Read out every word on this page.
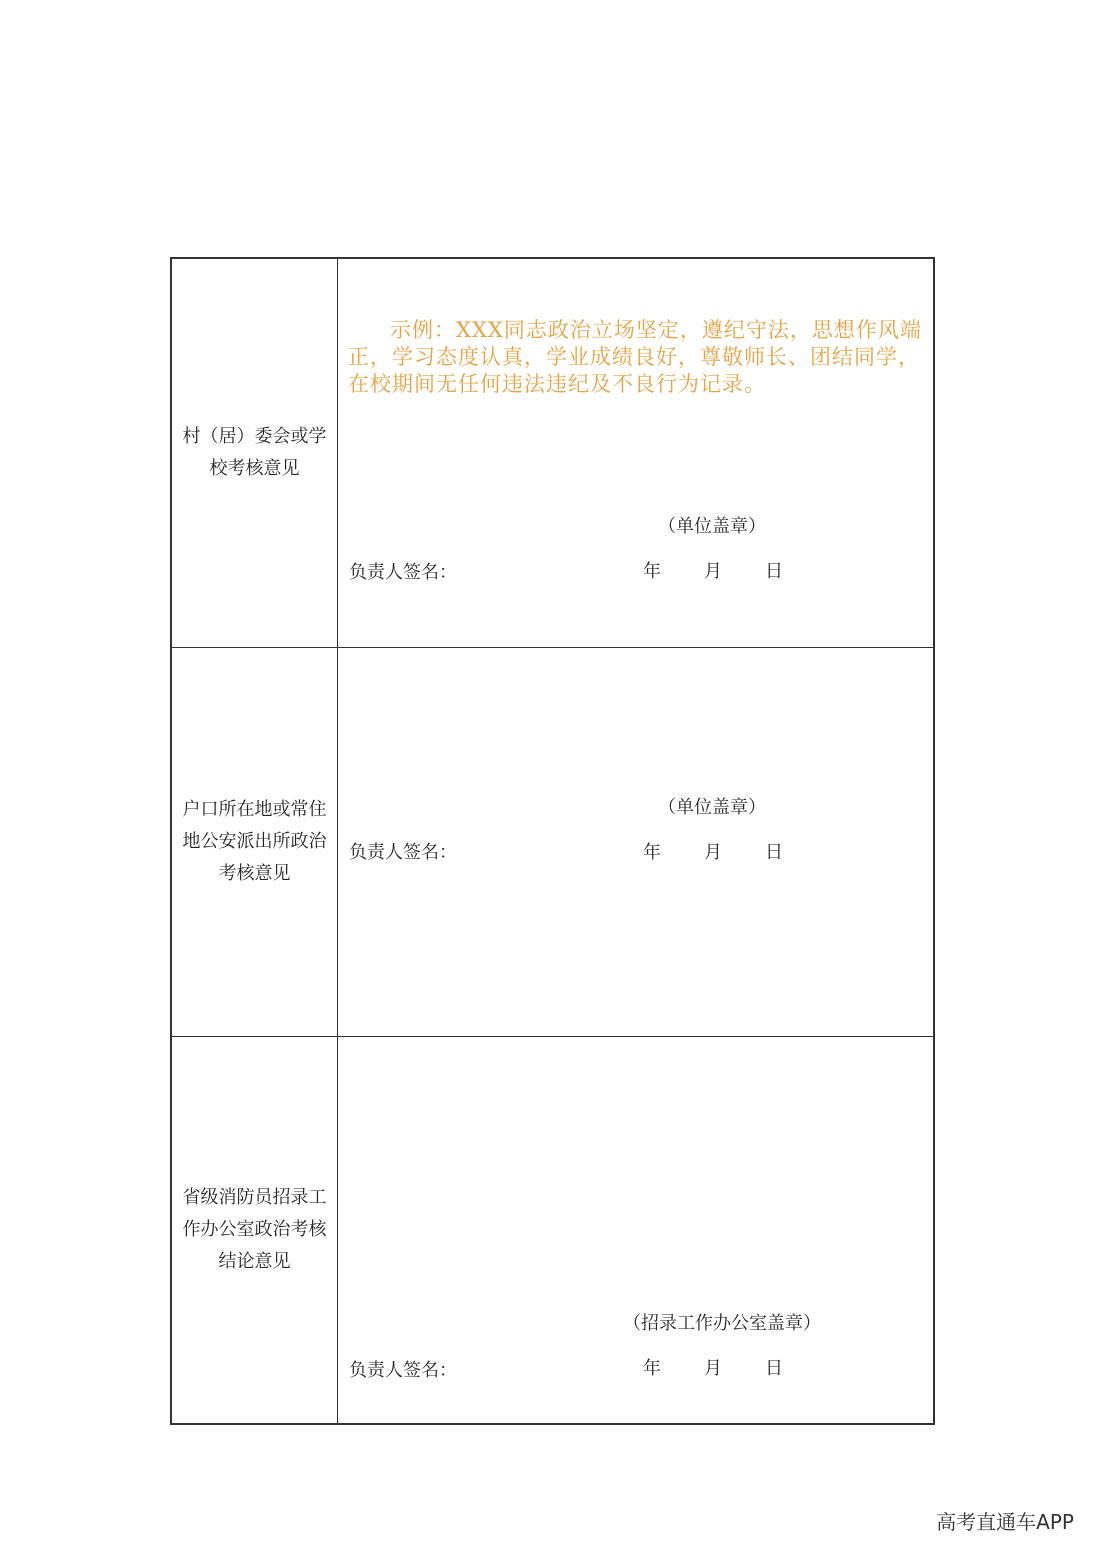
村（居）委会或学校考核意见
示例：XXX同志政治立场坚定，遵纪守法，思想作风端正，学习态度认真，学业成绩良好，尊敬师长、团结同学，在校期间无任何违法违纪及不良行为记录。
（单位盖章）
负责人签名：	年 月 日
户口所在地或常住地公安派出所政治考核意见
（单位盖章）
负责人签名：	年 月 日
省级消防员招录工作办公室政治考核结论意见
（招录工作办公室盖章）
负责人签名：	年 月 日
高考直通车APP
